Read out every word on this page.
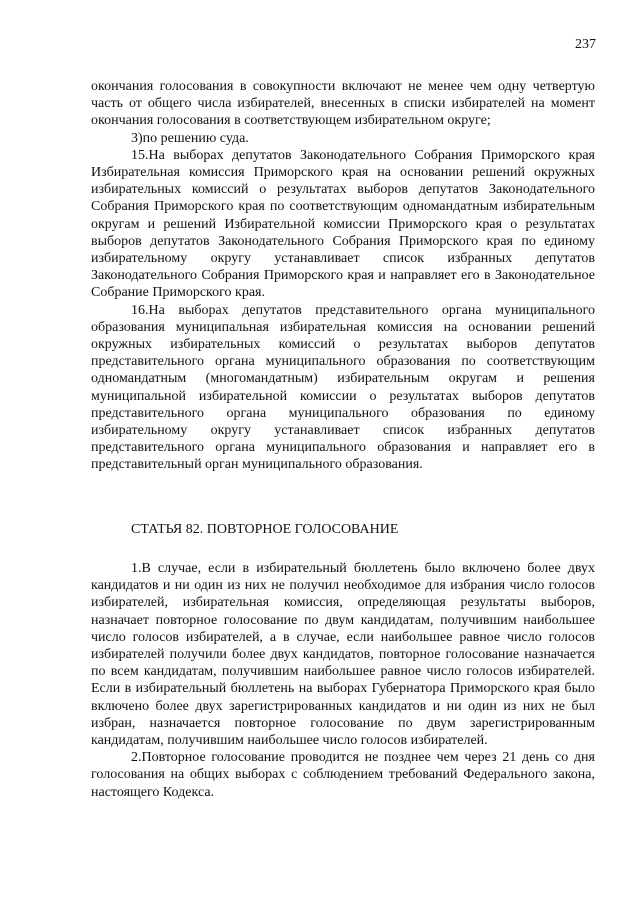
237

окончания голосования в совокупности включают не менее чем одну четвертую часть от общего числа избирателей, внесенных в списки избирателей на момент окончания голосования в соответствующем избирательном округе;

3)по решению суда.

15.На выборах депутатов Законодательного Собрания Приморского края Избирательная комиссия Приморского края на основании решений окружных избирательных комиссий о результатах выборов депутатов Законодательного Собрания Приморского края по соответствующим одномандатным избирательным округам и решений Избирательной комиссии Приморского края о результатах выборов депутатов Законодательного Собрания Приморского края по единому избирательному округу устанавливает список избранных депутатов Законодательного Собрания Приморского края и направляет его в Законодательное Собрание Приморского края.

16.На выборах депутатов представительного органа муниципального образования муниципальная избирательная комиссия на основании решений окружных избирательных комиссий о результатах выборов депутатов представительного органа муниципального образования по соответствующим одномандатным (многомандатным) избирательным округам и решения муниципальной избирательной комиссии о результатах выборов депутатов представительного органа муниципального образования по единому избирательному округу устанавливает список избранных депутатов представительного органа муниципального образования и направляет его в представительный орган муниципального образования.

СТАТЬЯ 82. ПОВТОРНОЕ ГОЛОСОВАНИЕ

1.В случае, если в избирательный бюллетень было включено более двух кандидатов и ни один из них не получил необходимое для избрания число голосов избирателей, избирательная комиссия, определяющая результаты выборов, назначает повторное голосование по двум кандидатам, получившим наибольшее число голосов избирателей, а в случае, если наибольшее равное число голосов избирателей получили более двух кандидатов, повторное голосование назначается по всем кандидатам, получившим наибольшее равное число голосов избирателей. Если в избирательный бюллетень на выборах Губернатора Приморского края было включено более двух зарегистрированных кандидатов и ни один из них не был избран, назначается повторное голосование по двум зарегистрированным кандидатам, получившим наибольшее число голосов избирателей.

2.Повторное голосование проводится не позднее чем через 21 день со дня голосования на общих выборах с соблюдением требований Федерального закона, настоящего Кодекса.
